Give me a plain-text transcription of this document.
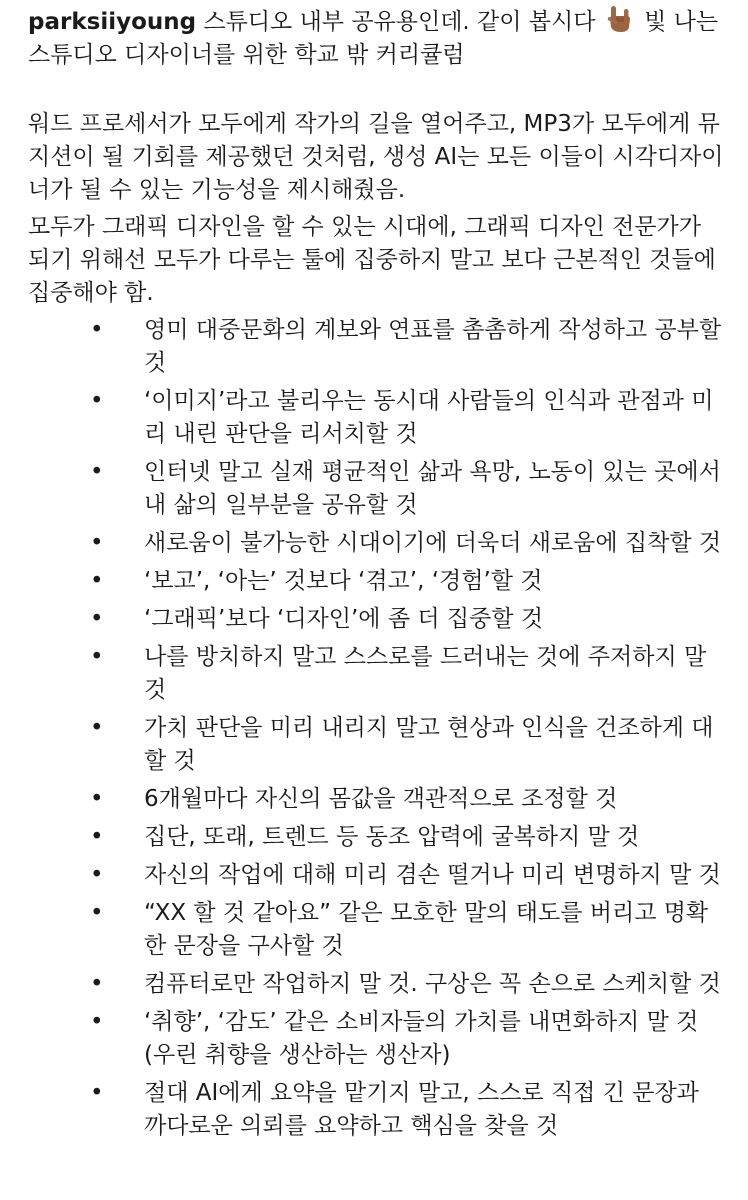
parksiiyoung 스튜디오 내부 공유용인데. 같이 봅시다 빛 나는 스튜디오 디자이너를 위한 학교 밖 커리큘럼

워드 프로세서가 모두에게 작가의 길을 열어주고, MP3가 모두에게 뮤지션이 될 기회를 제공했던 것처럼, 생성 AI는 모든 이들이 시각디자이너가 될 수 있는 기능성을 제시해줬음.

모두가 그래픽 디자인을 할 수 있는 시대에, 그래픽 디자인 전문가가 되기 위해선 모두가 다루는 툴에 집중하지 말고 보다 근본적인 것들에 집중해야 함.

• 영미 대중문화의 계보와 연표를 촘촘하게 작성하고 공부할 것
• ‘이미지’라고 불리우는 동시대 사람들의 인식과 관점과 미리 내린 판단을 리서치할 것
• 인터넷 말고 실재 평균적인 삶과 욕망, 노동이 있는 곳에서 내 삶의 일부분을 공유할 것
• 새로움이 불가능한 시대이기에 더욱더 새로움에 집착할 것
• ‘보고’, ‘아는’ 것보다 ‘겪고’, ‘경험’할 것
• ‘그래픽’보다 ‘디자인’에 좀 더 집중할 것
• 나를 방치하지 말고 스스로를 드러내는 것에 주저하지 말 것
• 가치 판단을 미리 내리지 말고 현상과 인식을 건조하게 대할 것
• 6개월마다 자신의 몸값을 객관적으로 조정할 것
• 집단, 또래, 트렌드 등 동조 압력에 굴복하지 말 것
• 자신의 작업에 대해 미리 겸손 떨거나 미리 변명하지 말 것
• “XX 할 것 같아요” 같은 모호한 말의 태도를 버리고 명확한 문장을 구사할 것
• 컴퓨터로만 작업하지 말 것. 구상은 꼭 손으로 스케치할 것
• ‘취향’, ‘감도’ 같은 소비자들의 가치를 내면화하지 말 것 (우린 취향을 생산하는 생산자)
• 절대 AI에게 요약을 맡기지 말고, 스스로 직접 긴 문장과 까다로운 의뢰를 요약하고 핵심을 찾을 것
